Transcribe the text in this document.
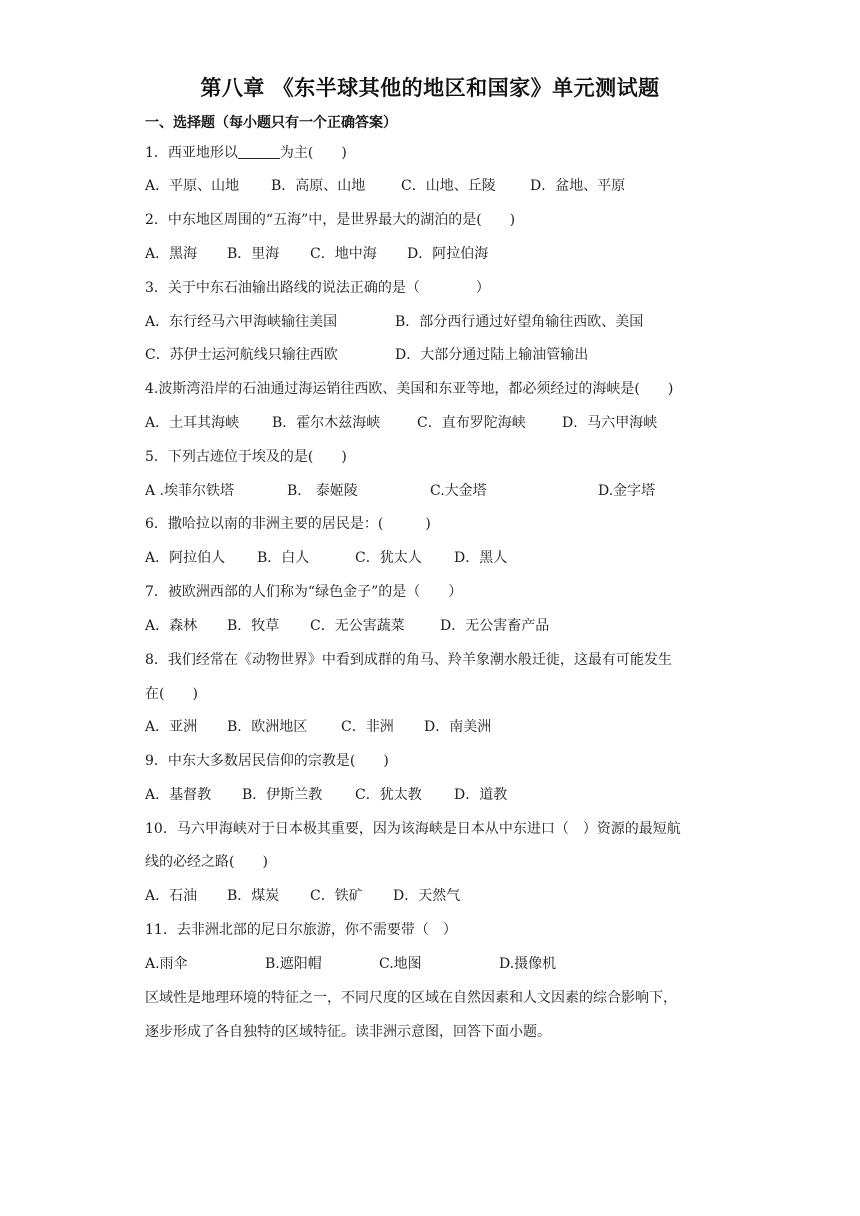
第八章 《东半球其他的地区和国家》单元测试题
一、选择题（每小题只有一个正确答案）
1．西亚地形以	为主(　　)
A．平原、山地 B．高原、山地	C．山地、丘陵 D．盆地、平原
2．中东地区周围的“五海”中，是世界最大的湖泊的是(　　)
A．黑海 B．里海 C．地中海 D．阿拉伯海
3．关于中东石油输出路线的说法正确的是（　　　　）
A．东行经马六甲海峡输往美国	B．部分西行通过好望角输往西欧、美国
C．苏伊士运河航线只输往西欧	D．大部分通过陆上输油管输出
4.波斯湾沿岸的石油通过海运销往西欧、美国和东亚等地，都必须经过的海峡是(　　)
A．土耳其海峡 B．霍尔木兹海峡	C．直布罗陀海峡	D．马六甲海峡
5．下列古迹位于埃及的是(　　)
A .埃菲尔铁塔	B． 泰姬陵	C.大金塔	D.金字塔
6．撒哈拉以南的非洲主要的居民是：(　　　)
A．阿拉伯人 B．白人	C．犹太人 D．黑人
7．被欧洲西部的人们称为“绿色金子”的是（　　）
A．森林 B．牧草 C．无公害蔬菜	D．无公害畜产品
8．我们经常在《动物世界》中看到成群的角马、羚羊象潮水般迁徙，这最有可能发生
在(　　)
A．亚洲 B．欧洲地区 C．非洲 D．南美洲
9．中东大多数居民信仰的宗教是(　　)
A．基督教 B．伊斯兰教 C．犹太教 D．道教
10．马六甲海峡对于日本极其重要，因为该海峡是日本从中东进口（　）资源的最短航
线的必经之路(　　)
A．石油 B．煤炭 C．铁矿 D．天然气
11．去非洲北部的尼日尔旅游，你不需要带（　）
A.雨伞	B.遮阳帽	C.地图	D.摄像机
区域性是地理环境的特征之一，不同尺度的区域在自然因素和人文因素的综合影响下，
逐步形成了各自独特的区域特征。读非洲示意图，回答下面小题。
